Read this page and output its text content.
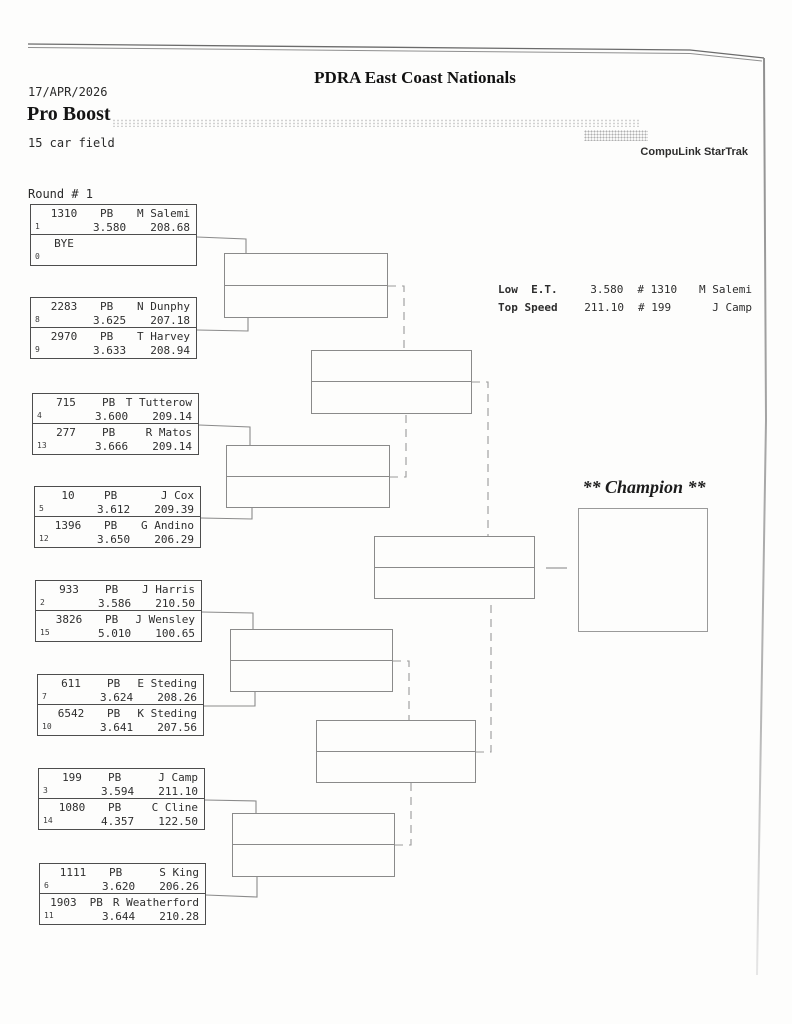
17/APR/2026

15 car field

Round # 1

PDRA East Coast Nationals
Pro Boost
CompuLink StarTrak
Low  E.T.	3.580 # 1310	M Salemi
Top Speed	211.10 # 199	J Camp
1310	PB	M Salemi
3.580	208.68
1
BYE
0
2283	PB	N Dunphy
3.625	207.18
8
2970	PB	T Harvey
3.633	208.94
9
715	PB T Tutterow
3.600	209.14
4
277	PB	R Matos
3.666	209.14
13
10	PB	J Cox
3.612	209.39
5
1396	PB	G Andino
3.650	206.29
12
933	PB	J Harris
3.586	210.50
2
3826	PB	J Wensley
5.010	100.65
15
611	PB	E Steding
3.624	208.26
7
6542	PB	K Steding
3.641	207.56
10
199	PB	J Camp
3.594	211.10
3
1080	PB	C Cline
4.357	122.50
14
1111	PB	S King
3.620	206.26
6
1903 PB R Weatherford
3.644	210.28
11
** Champion **
